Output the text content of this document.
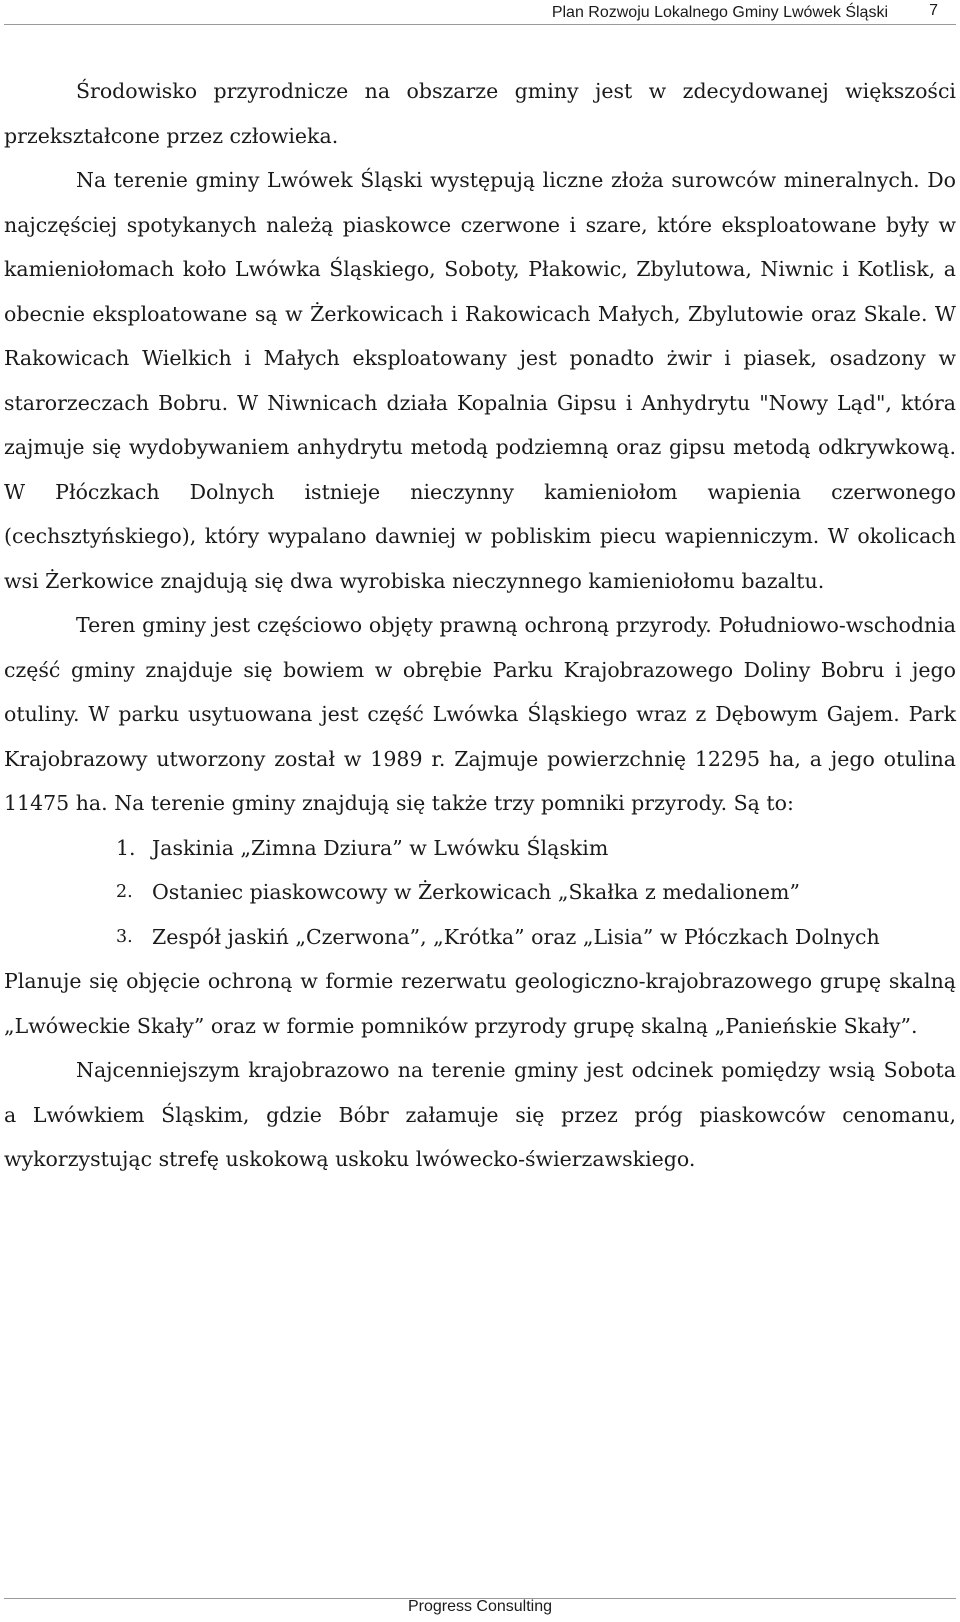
Plan Rozwoju Lokalnego Gminy Lwówek Śląski	7

Środowisko przyrodnicze na obszarze gminy jest w zdecydowanej większości przekształcone przez człowieka.

Na terenie gminy Lwówek Śląski występują liczne złoża surowców mineralnych. Do najczęściej spotykanych należą piaskowce czerwone i szare, które eksploatowane były w kamieniołomach koło Lwówka Śląskiego, Soboty, Płakowic, Zbylutowa, Niwnic i Kotlisk, a obecnie eksploatowane są w Żerkowicach i Rakowicach Małych, Zbylutowie oraz Skale. W Rakowicach Wielkich i Małych eksploatowany jest ponadto żwir i piasek, osadzony w starorzeczach Bobru. W Niwnicach działa Kopalnia Gipsu i Anhydrytu "Nowy Ląd", która zajmuje się wydobywaniem anhydrytu metodą podziemną oraz gipsu metodą odkrywkową. W Płóczkach Dolnych istnieje nieczynny kamieniołom wapienia czerwonego (cechsztyńskiego), który wypalano dawniej w pobliskim piecu wapienniczym. W okolicach wsi Żerkowice znajdują się dwa wyrobiska nieczynnego kamieniołomu bazaltu.

Teren gminy jest częściowo objęty prawną ochroną przyrody. Południowo-wschodnia część gminy znajduje się bowiem w obrębie Parku Krajobrazowego Doliny Bobru i jego otuliny. W parku usytuowana jest część Lwówka Śląskiego wraz z Dębowym Gajem. Park Krajobrazowy utworzony został w 1989 r. Zajmuje powierzchnię 12295 ha, a jego otulina 11475 ha. Na terenie gminy znajdują się także trzy pomniki przyrody. Są to:

1. Jaskinia „Zimna Dziura” w Lwówku Śląskim
2. Ostaniec piaskowcowy w Żerkowicach „Skałka z medalionem”
3. Zespół jaskiń „Czerwona”, „Krótka” oraz „Lisia” w Płóczkach Dolnych

Planuje się objęcie ochroną w formie rezerwatu geologiczno-krajobrazowego grupę skalną „Lwóweckie Skały” oraz w formie pomników przyrody grupę skalną „Panieńskie Skały”.

Najcenniejszym krajobrazowo na terenie gminy jest odcinek pomiędzy wsią Sobota a Lwówkiem Śląskim, gdzie Bóbr załamuje się przez próg piaskowców cenomanu, wykorzystując strefę uskokową uskoku lwówecko-świerzawskiego.

Progress Consulting
